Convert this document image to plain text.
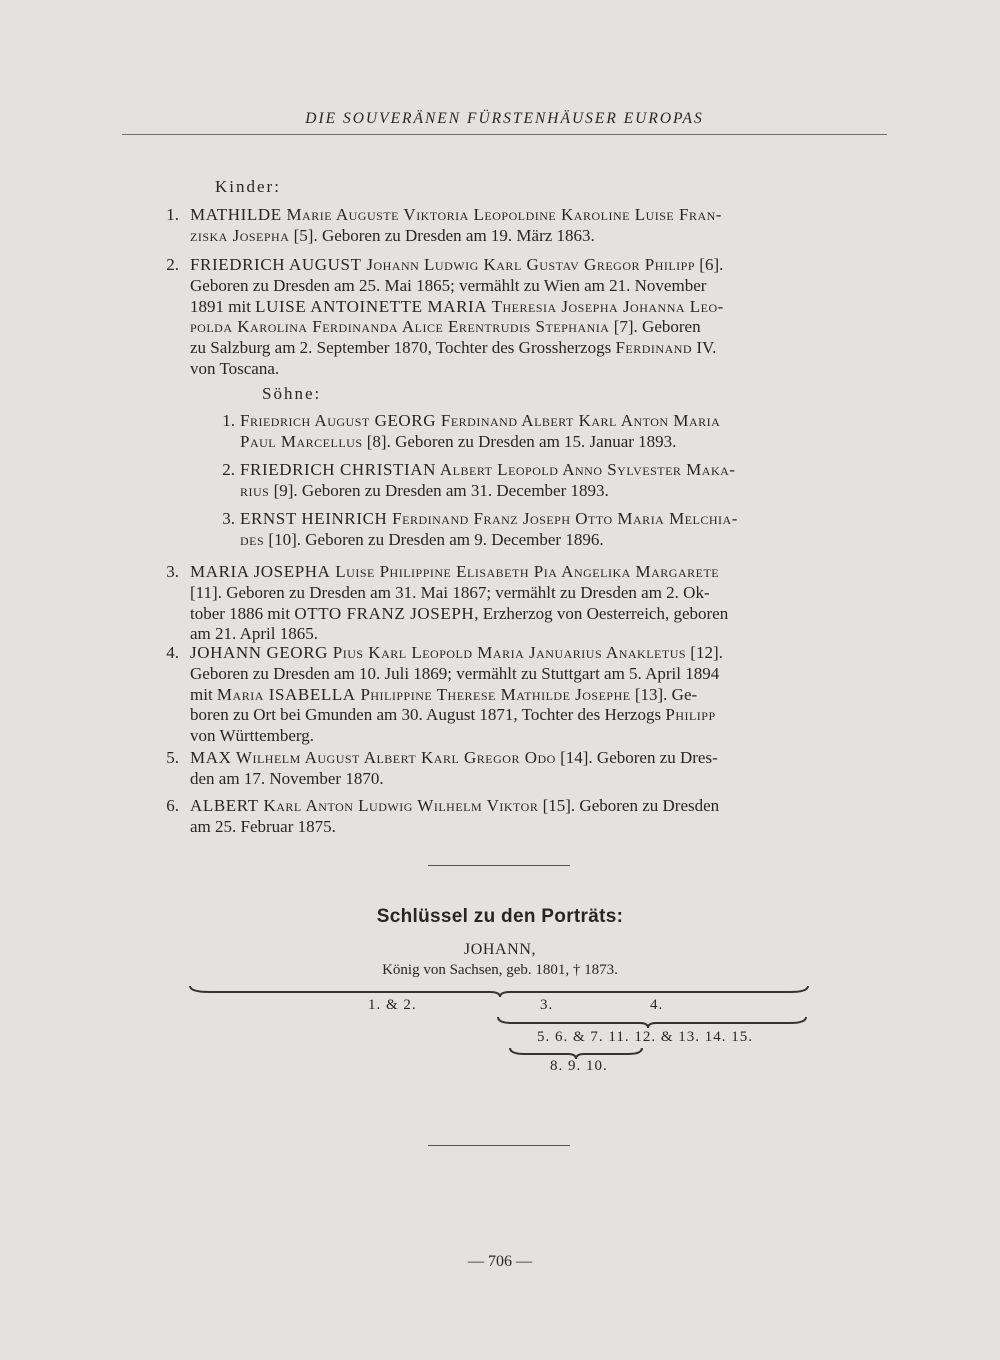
DIE SOUVERÄNEN FÜRSTENHÄUSER EUROPAS
Kinder:
1. MATHILDE Marie Auguste Viktoria Leopoldine Karoline Luise Fran-
ziska Josepha [5]. Geboren zu Dresden am 19. März 1863.
2. FRIEDRICH AUGUST Johann Ludwig Karl Gustav Gregor Philipp [6].
Geboren zu Dresden am 25. Mai 1865; vermählt zu Wien am 21. November
1891 mit LUISE ANTOINETTE MARIA Theresia Josepha Johanna Leo-
polda Karolina Ferdinanda Alice Erentrudis Stephania [7]. Geboren
zu Salzburg am 2. September 1870, Tochter des Grossherzogs Ferdinand IV.
von Toscana.
3. MARIA JOSEPHA Luise Philippine Elisabeth Pia Angelika Margarete
[11]. Geboren zu Dresden am 31. Mai 1867; vermählt zu Dresden am 2. Ok-
tober 1886 mit OTTO FRANZ JOSEPH, Erzherzog von Oesterreich, geboren
am 21. April 1865.
4. JOHANN GEORG Pius Karl Leopold Maria Januarius Anakletus [12].
Geboren zu Dresden am 10. Juli 1869; vermählt zu Stuttgart am 5. April 1894
mit Maria ISABELLA Philippine Therese Mathilde Josephe [13]. Ge-
boren zu Ort bei Gmunden am 30. August 1871, Tochter des Herzogs Philipp
von Württemberg.
5. MAX Wilhelm August Albert Karl Gregor Odo [14]. Geboren zu Dres-
den am 17. November 1870.
6. ALBERT Karl Anton Ludwig Wilhelm Viktor [15]. Geboren zu Dresden
am 25. Februar 1875.
Söhne:
1. Friedrich August GEORG Ferdinand Albert Karl Anton Maria
Paul Marcellus [8]. Geboren zu Dresden am 15. Januar 1893.
2. FRIEDRICH CHRISTIAN Albert Leopold Anno Sylvester Maka-
rius [9]. Geboren zu Dresden am 31. December 1893.
3. ERNST HEINRICH Ferdinand Franz Joseph Otto Maria Melchia-
des [10]. Geboren zu Dresden am 9. December 1896.
Schlüssel zu den Porträts:
JOHANN,
König von Sachsen, geb. 1801, † 1873.
1. & 2.	3.	4.
5. 6. & 7. 11. 12. & 13. 14. 15.
8. 9. 10.
— 706 —
